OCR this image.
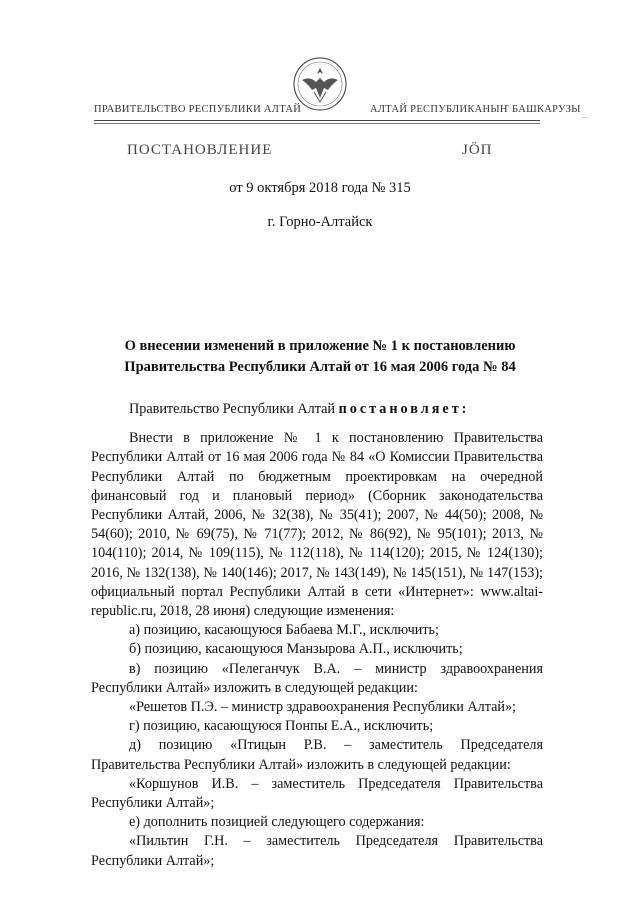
ПРАВИТЕЛЬСТВО РЕСПУБЛИКИ АЛТАЙ	АЛТАЙ РЕСПУБЛИКАНЫҤ БАШКАРУЗЫ
–
ПОСТАНОВЛЕНИЕ	ЈӦП
от 9 октября 2018 года № 315
г. Горно-Алтайск
О внесении изменений в приложение № 1 к постановлению
Правительства Республики Алтай от 16 мая 2006 года № 84

Правительство Республики Алтай постановляет:

Внести в приложение № 1 к постановлению Правительства Республики Алтай от 16 мая 2006 года № 84 «О Комиссии Правительства Республики Алтай по бюджетным проектировкам на очередной финансовый год и плановый период» (Сборник законодательства Республики Алтай, 2006, № 32(38), № 35(41); 2007, № 44(50); 2008, № 54(60); 2010, № 69(75), № 71(77); 2012, № 86(92), № 95(101); 2013, № 104(110); 2014, № 109(115), № 112(118), № 114(120); 2015, № 124(130); 2016, № 132(138), № 140(146); 2017, № 143(149), № 145(151), № 147(153); официальный портал Республики Алтай в сети «Интернет»: www.altai-republic.ru, 2018, 28 июня) следующие изменения:

а) позицию, касающуюся Бабаева М.Г., исключить;

б) позицию, касающуюся Манзырова А.П., исключить;

в) позицию «Пелеганчук В.А. – министр здравоохранения Республики Алтай» изложить в следующей редакции:

«Решетов П.Э. – министр здравоохранения Республики Алтай»;

г) позицию, касающуюся Понпы Е.А., исключить;

д) позицию «Птицын Р.В. – заместитель Председателя Правительства Республики Алтай» изложить в следующей редакции:

«Коршунов И.В. – заместитель Председателя Правительства Республики Алтай»;

е) дополнить позицией следующего содержания:

«Пильтин Г.Н. – заместитель Председателя Правительства Республики Алтай»;
